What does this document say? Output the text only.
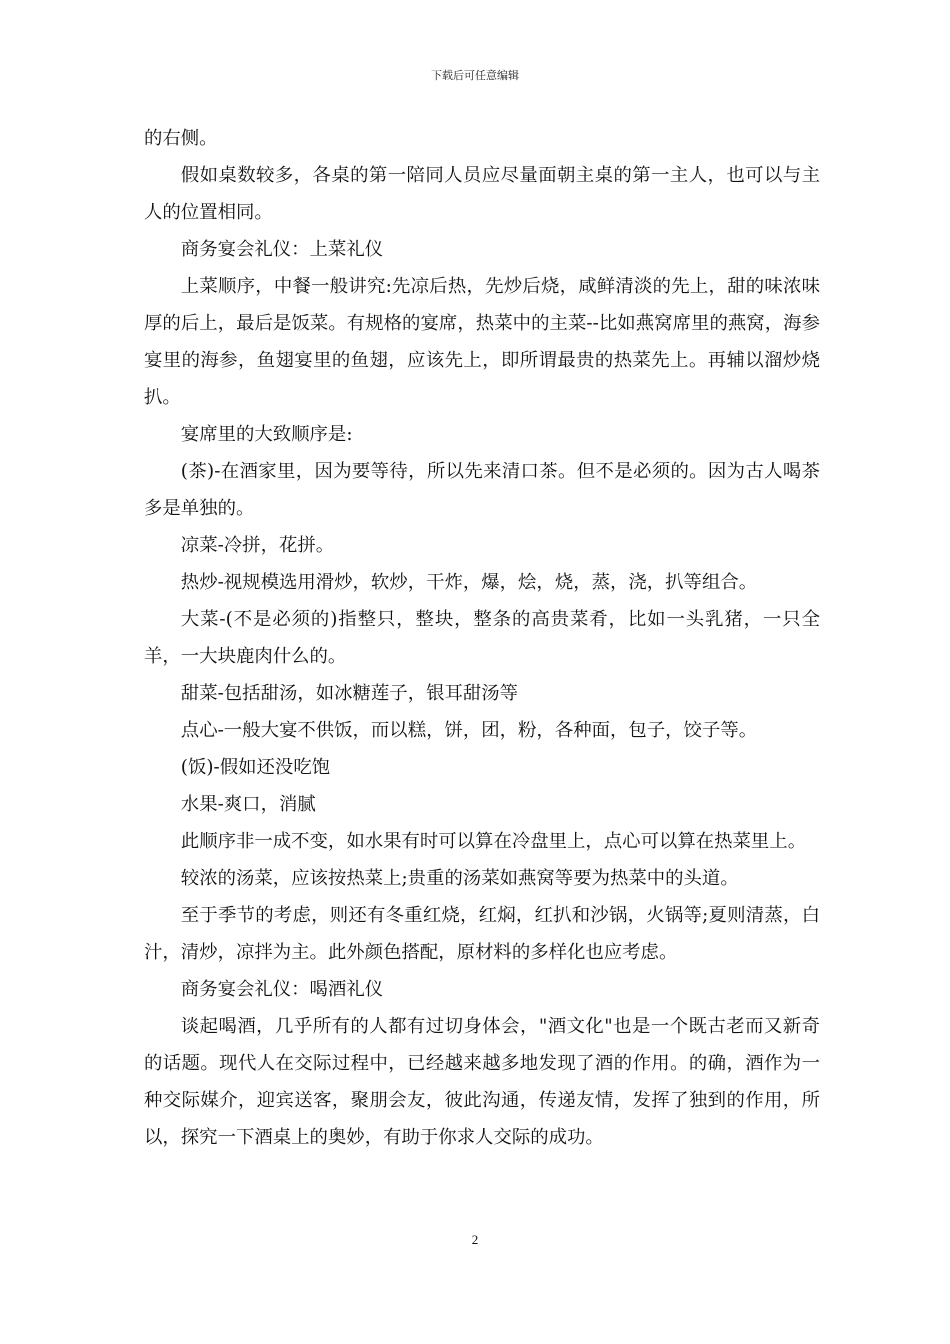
下载后可任意编辑

的右侧。

假如桌数较多，各桌的第一陪同人员应尽量面朝主桌的第一主人，也可以与主人的位置相同。

商务宴会礼仪：上菜礼仪

上菜顺序，中餐一般讲究:先凉后热，先炒后烧，咸鲜清淡的先上，甜的味浓味厚的后上，最后是饭菜。有规格的宴席，热菜中的主菜--比如燕窝席里的燕窝，海参宴里的海参，鱼翅宴里的鱼翅，应该先上，即所谓最贵的热菜先上。再辅以溜炒烧扒。

宴席里的大致顺序是:

(茶)-在酒家里，因为要等待，所以先来清口茶。但不是必须的。因为古人喝茶多是单独的。

凉菜-冷拼，花拼。

热炒-视规模选用滑炒，软炒，干炸，爆，烩，烧，蒸，浇，扒等组合。

大菜-(不是必须的)指整只，整块，整条的高贵菜肴，比如一头乳猪，一只全羊，一大块鹿肉什么的。

甜菜-包括甜汤，如冰糖莲子，银耳甜汤等

点心-一般大宴不供饭，而以糕，饼，团，粉，各种面，包子，饺子等。

(饭)-假如还没吃饱

水果-爽口，消腻

此顺序非一成不变，如水果有时可以算在冷盘里上，点心可以算在热菜里上。

较浓的汤菜，应该按热菜上;贵重的汤菜如燕窝等要为热菜中的头道。

至于季节的考虑，则还有冬重红烧，红焖，红扒和沙锅，火锅等;夏则清蒸，白汁，清炒，凉拌为主。此外颜色搭配，原材料的多样化也应考虑。

商务宴会礼仪：喝酒礼仪

谈起喝酒，几乎所有的人都有过切身体会，"酒文化"也是一个既古老而又新奇的话题。现代人在交际过程中，已经越来越多地发现了酒的作用。的确，酒作为一种交际媒介，迎宾送客，聚朋会友，彼此沟通，传递友情，发挥了独到的作用，所以，探究一下酒桌上的奥妙，有助于你求人交际的成功。

2
